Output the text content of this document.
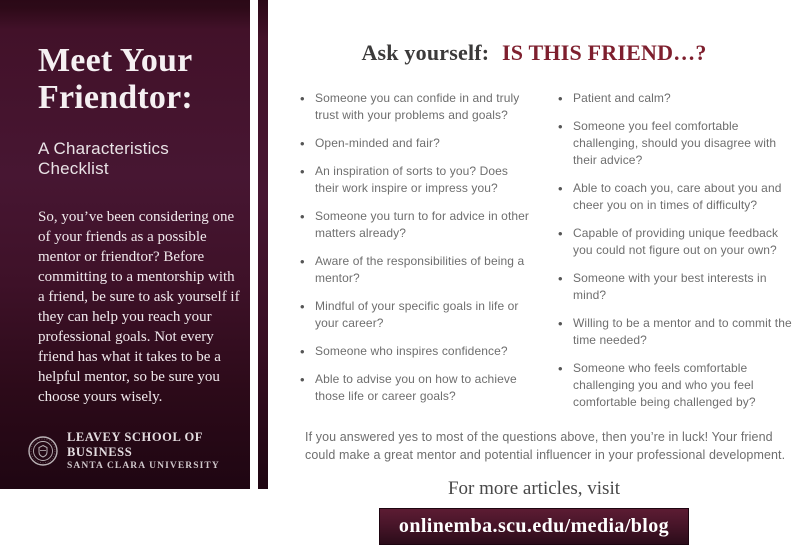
Meet Your Friendtor:
A Characteristics Checklist

So, you’ve been considering one of your friends as a possible mentor or friendtor? Before committing to a mentorship with a friend, be sure to ask yourself if they can help you reach your professional goals. Not every friend has what it takes to be a helpful mentor, so be sure you choose yours wisely.

LEAVEY SCHOOL OF BUSINESS
SANTA CLARA UNIVERSITY
Ask yourself: IS THIS FRIEND…?
• Someone you can confide in and truly trust with your problems and goals?
• Open-minded and fair?
• An inspiration of sorts to you? Does their work inspire or impress you?
• Someone you turn to for advice in other matters already?
• Aware of the responsibilities of being a mentor?
• Mindful of your specific goals in life or your career?
• Someone who inspires confidence?
• Able to advise you on how to achieve those life or career goals?
• Patient and calm?
• Someone you feel comfortable challenging, should you disagree with their advice?
• Able to coach you, care about you and cheer you on in times of difficulty?
• Capable of providing unique feedback you could not figure out on your own?
• Someone with your best interests in mind?
• Willing to be a mentor and to commit the time needed?
• Someone who feels comfortable challenging you and who you feel comfortable being challenged by?

If you answered yes to most of the questions above, then you’re in luck! Your friend could make a great mentor and potential influencer in your professional development.

For more articles, visit

onlinemba.scu.edu/media/blog
